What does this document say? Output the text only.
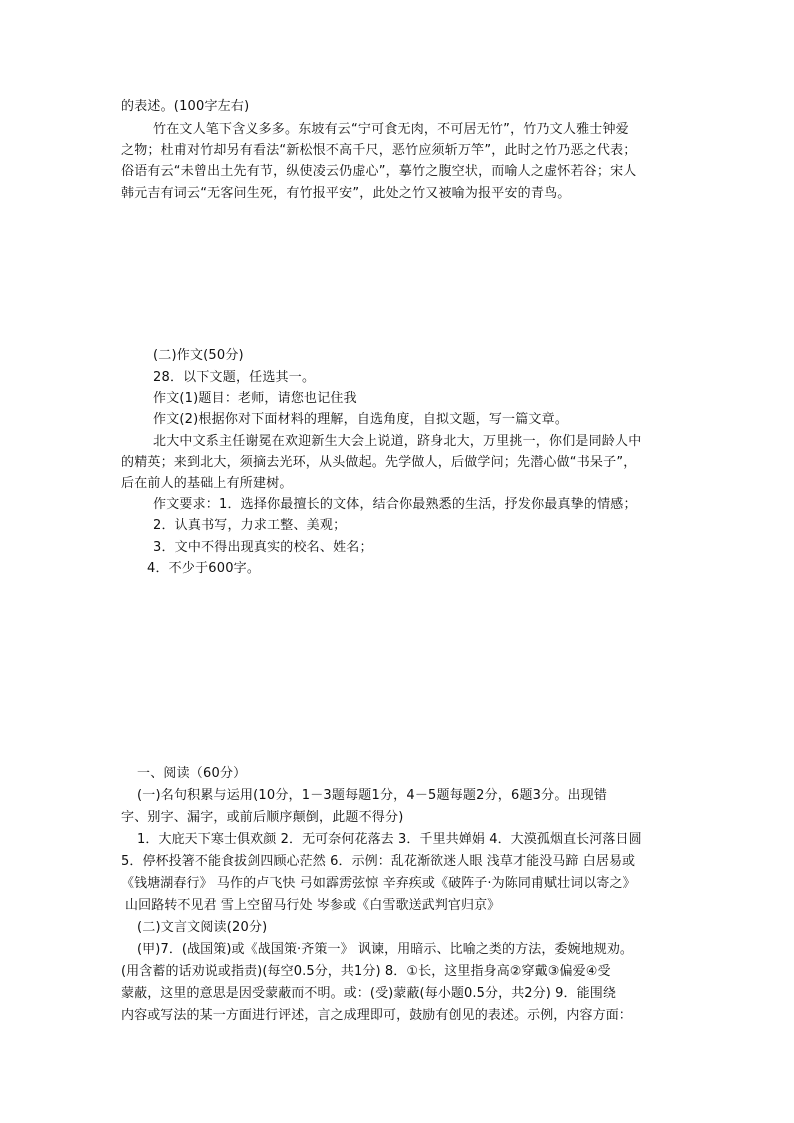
的表述。(100字左右)
竹在文人笔下含义多多。东坡有云“宁可食无肉，不可居无竹”，竹乃文人雅士钟爱
之物；杜甫对竹却另有看法“新松恨不高千尺，恶竹应须斩万竿”，此时之竹乃恶之代表；
俗语有云“未曾出土先有节，纵使凌云仍虚心”，摹竹之腹空状，而喻人之虚怀若谷；宋人
韩元吉有词云“无客问生死，有竹报平安”，此处之竹又被喻为报平安的青鸟。
(二)作文(50分)
28．以下文题，任选其一。
作文(1)题目：老师，请您也记住我
作文(2)根据你对下面材料的理解，自选角度，自拟文题，写一篇文章。
北大中文系主任谢冕在欢迎新生大会上说道，跻身北大，万里挑一，你们是同龄人中
的精英；来到北大，须摘去光环，从头做起。先学做人，后做学问；先潜心做“书呆子”，
后在前人的基础上有所建树。
作文要求：1．选择你最擅长的文体，结合你最熟悉的生活，抒发你最真挚的情感；
2．认真书写，力求工整、美观；
3．文中不得出现真实的校名、姓名；
4．不少于600字。
一、阅读（60分）
(一)名句积累与运用(10分，1－3题每题1分，4－5题每题2分，6题3分。出现错
字、别字、漏字，或前后顺序颠倒，此题不得分)
1．大庇天下寒士俱欢颜 2．无可奈何花落去 3．千里共婵娟 4．大漠孤烟直长河落日圆
5．停杯投箸不能食拔剑四顾心茫然 6．示例：乱花渐欲迷人眼 浅草才能没马蹄 白居易或
《钱塘湖春行》 马作的卢飞快 弓如霹雳弦惊 辛弃疾或《破阵子·为陈同甫赋壮词以寄之》
山回路转不见君 雪上空留马行处 岑参或《白雪歌送武判官归京》
(二)文言文阅读(20分)
(甲)7．(战国策)或《战国策·齐策一》 讽谏，用暗示、比喻之类的方法，委婉地规劝。
(用含蓄的话劝说或指责)(每空0.5分，共1分) 8．①长，这里指身高②穿戴③偏爱④受
蒙蔽，这里的意思是因受蒙蔽而不明。或：(受)蒙蔽(每小题0.5分，共2分) 9．能围绕
内容或写法的某一方面进行评述，言之成理即可，鼓励有创见的表述。示例，内容方面：
